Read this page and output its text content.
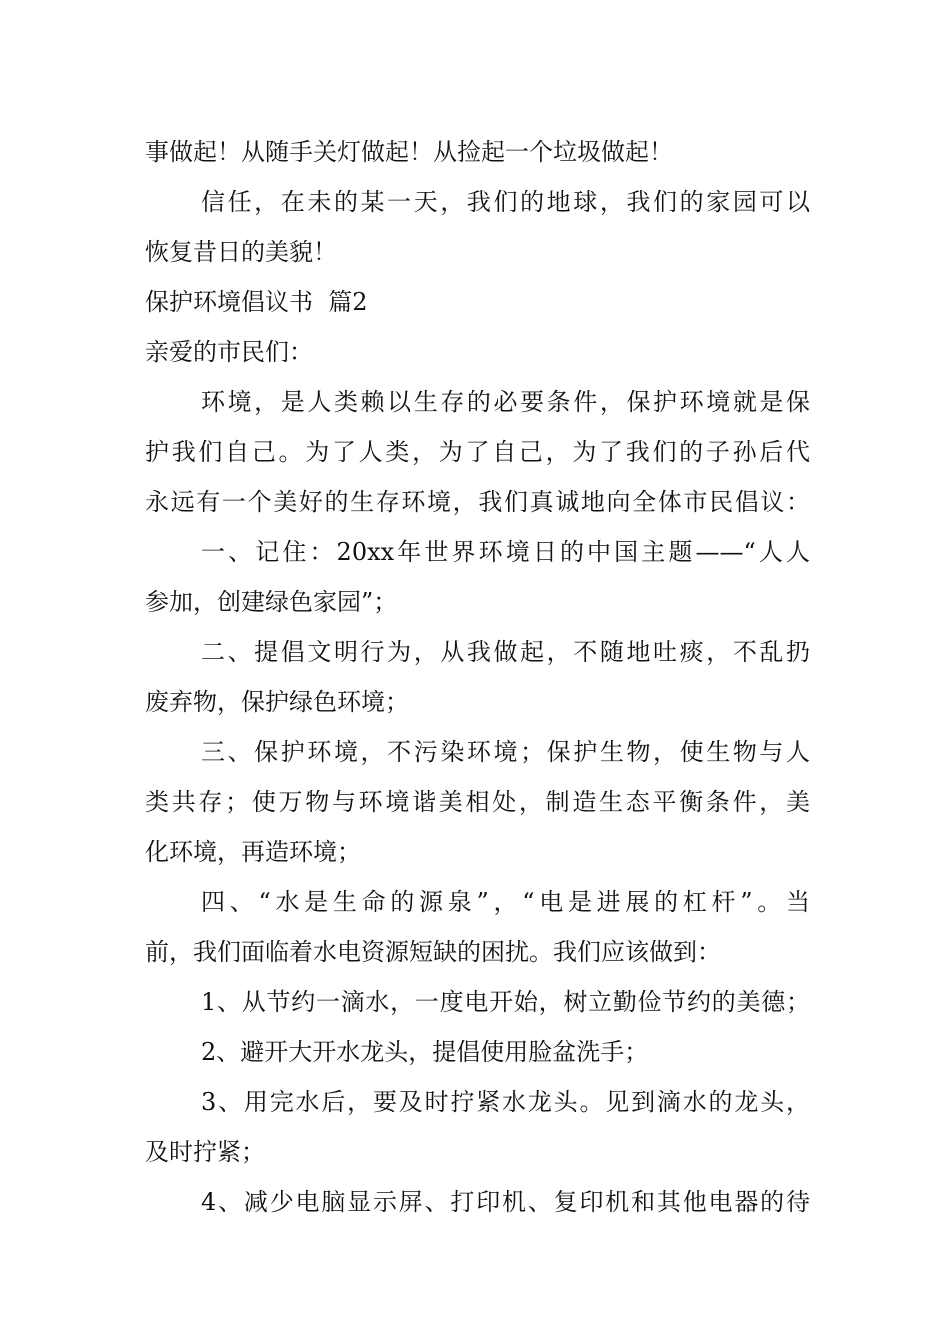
事做起！从随手关灯做起！从捡起一个垃圾做起！
信任，在未的某一天，我们的地球，我们的家园可以
恢复昔日的美貌！
保护环境倡议书  篇2
亲爱的市民们：
环境，是人类赖以生存的必要条件，保护环境就是保
护我们自己。为了人类，为了自己，为了我们的子孙后代
永远有一个美好的生存环境，我们真诚地向全体市民倡议：
一、记住：20xx年世界环境日的中国主题——“人人
参加，创建绿色家园”；
二、提倡文明行为，从我做起，不随地吐痰，不乱扔
废弃物，保护绿色环境；
三、保护环境，不污染环境；保护生物，使生物与人
类共存；使万物与环境谐美相处，制造生态平衡条件，美
化环境，再造环境；
四、“水是生命的源泉”，“电是进展的杠杆”。当
前，我们面临着水电资源短缺的困扰。我们应该做到：
1、从节约一滴水，一度电开始，树立勤俭节约的美德；
2、避开大开水龙头，提倡使用脸盆洗手；
3、用完水后，要及时拧紧水龙头。见到滴水的龙头，
及时拧紧；
4、减少电脑显示屏、打印机、复印机和其他电器的待
